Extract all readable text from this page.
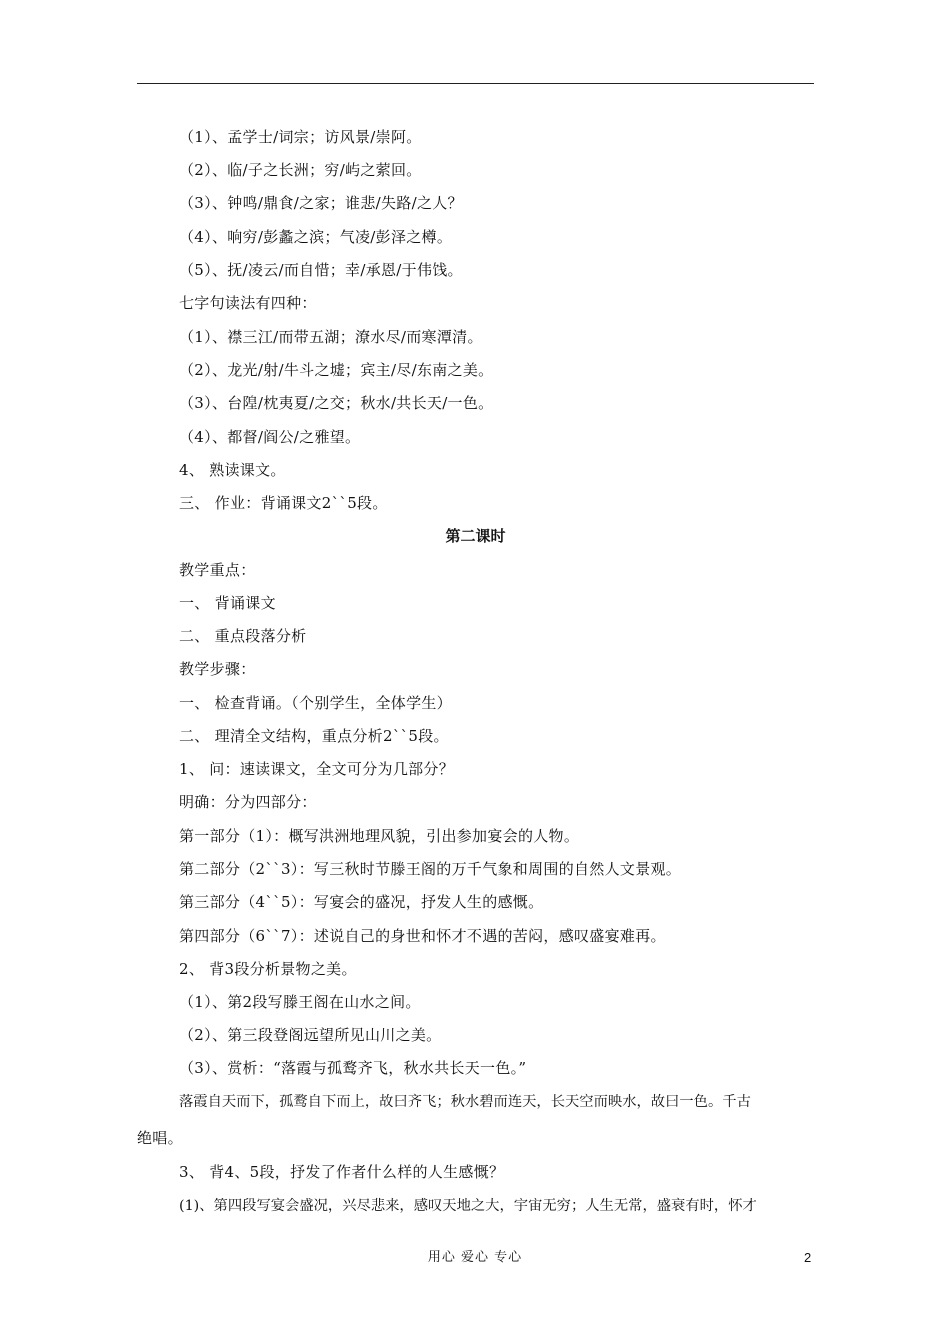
（1）、孟学士/词宗；访风景/崇阿。
（2）、临/子之长洲；穷/屿之萦回。
（3）、钟鸣/鼎食/之家；谁悲/失路/之人？
（4）、响穷/彭蠡之滨；气凌/彭泽之樽。
（5）、抚/凌云/而自惜；幸/承恩/于伟饯。
七字句读法有四种：
（1）、襟三江/而带五湖；潦水尽/而寒潭清。
（2）、龙光/射/牛斗之墟；宾主/尽/东南之美。
（3）、台隍/枕夷夏/之交；秋水/共长天/一色。
（4）、都督/阎公/之雅望。
4、 熟读课文。
三、 作业：背诵课文2``5段。
第二课时
教学重点：
一、 背诵课文
二、 重点段落分析
教学步骤：
一、 检查背诵。（个别学生，全体学生）
二、 理清全文结构，重点分析2``5段。
1、 问：速读课文，全文可分为几部分？
明确：分为四部分：
第一部分（1）：概写洪洲地理风貌，引出参加宴会的人物。
第二部分（2``3）：写三秋时节滕王阁的万千气象和周围的自然人文景观。
第三部分（4``5）：写宴会的盛况，抒发人生的感慨。
第四部分（6``7）：述说自己的身世和怀才不遇的苦闷，感叹盛宴难再。
2、 背3段分析景物之美。
（1）、第2段写滕王阁在山水之间。
（2）、第三段登阁远望所见山川之美。
（3）、赏析：“落霞与孤鹜齐飞，秋水共长天一色。”
落霞自天而下，孤鹜自下而上，故曰齐飞；秋水碧而连天，长天空而映水，故曰一色。千古
绝唱。
3、 背4、5段，抒发了作者什么样的人生感慨？
(1)、第四段写宴会盛况，兴尽悲来，感叹天地之大，宇宙无穷；人生无常，盛衰有时，怀才
用心 爱心 专心	2
